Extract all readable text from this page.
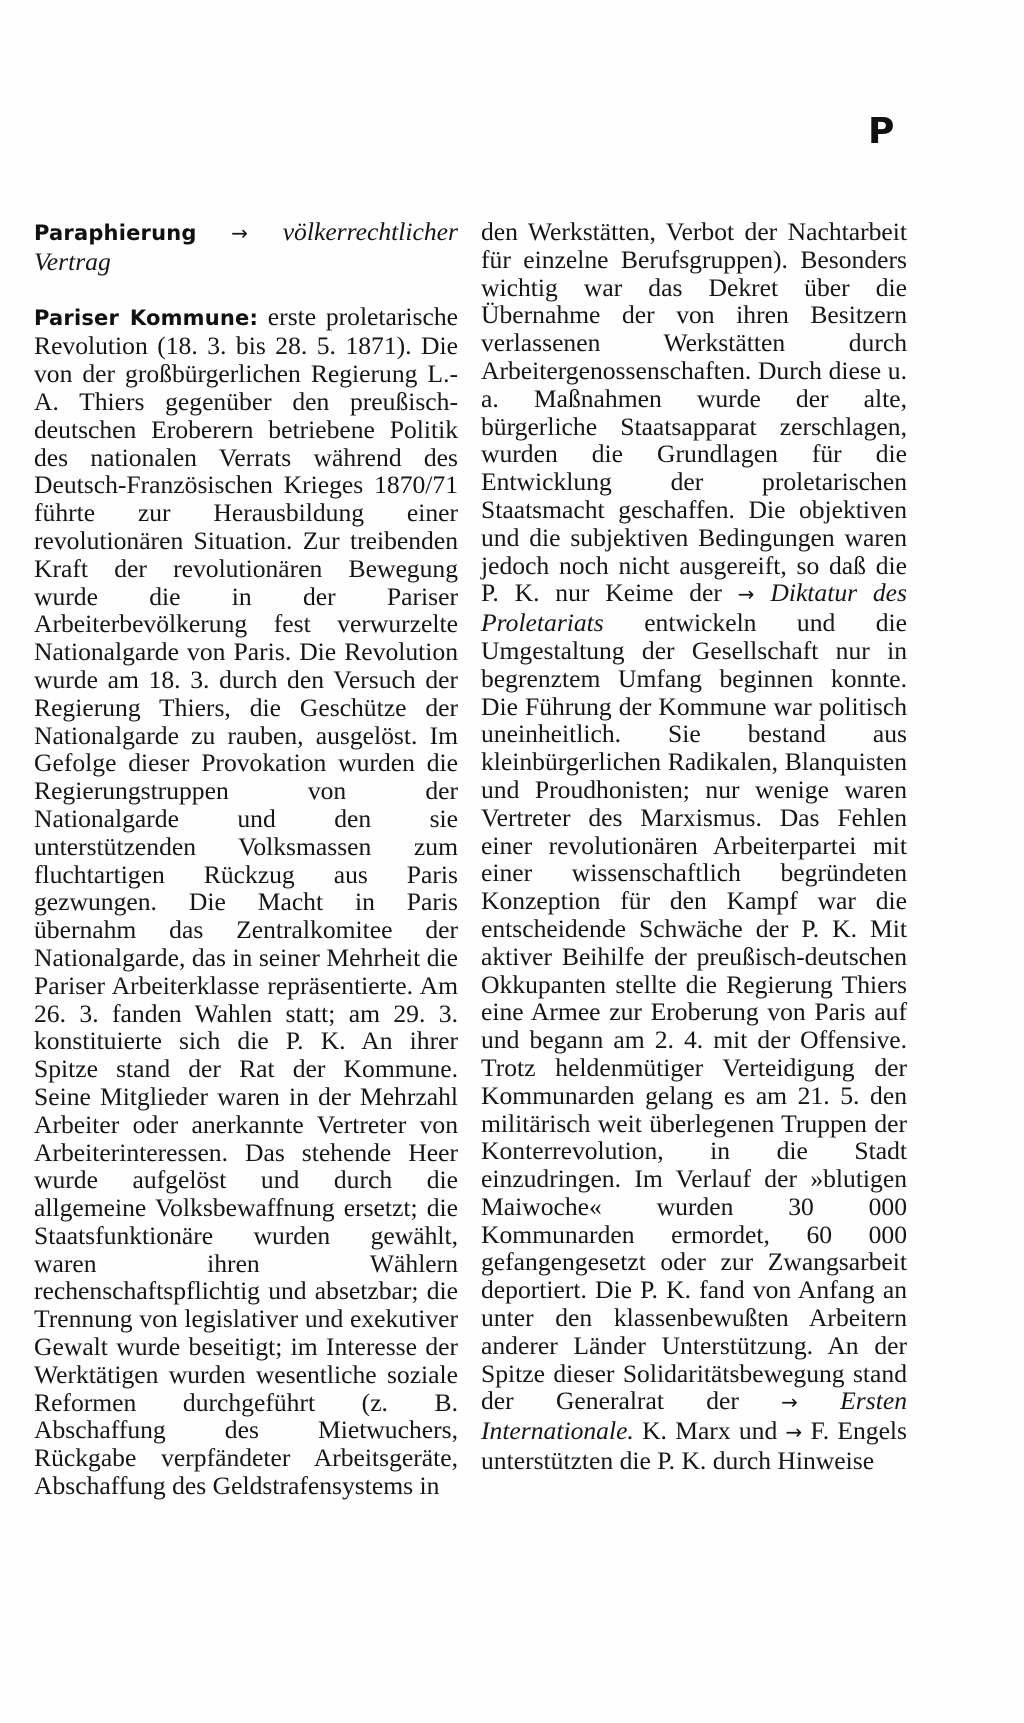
P

Paraphierung → völkerrechtlicher Vertrag

Pariser Kommune: erste proletarische Revolution (18. 3. bis 28. 5. 1871). Die von der großbürgerlichen Regierung L.-A. Thiers gegenüber den preußisch-deutschen Eroberern betriebene Politik des nationalen Verrats während des Deutsch-Französischen Krieges 1870/71 führte zur Herausbildung einer revolutionären Situation. Zur treibenden Kraft der revolutionären Bewegung wurde die in der Pariser Arbeiterbevölkerung fest verwurzelte Nationalgarde von Paris. Die Revolution wurde am 18. 3. durch den Versuch der Regierung Thiers, die Geschütze der Nationalgarde zu rauben, ausgelöst. Im Gefolge dieser Provokation wurden die Regierungstruppen von der Nationalgarde und den sie unterstützenden Volksmassen zum fluchtartigen Rückzug aus Paris gezwungen. Die Macht in Paris übernahm das Zentralkomitee der Nationalgarde, das in seiner Mehrheit die Pariser Arbeiterklasse repräsentierte. Am 26. 3. fanden Wahlen statt; am 29. 3. konstituierte sich die P. K. An ihrer Spitze stand der Rat der Kommune. Seine Mitglieder waren in der Mehrzahl Arbeiter oder anerkannte Vertreter von Arbeiterinteressen. Das stehende Heer wurde aufgelöst und durch die allgemeine Volksbewaffnung ersetzt; die Staatsfunktionäre wurden gewählt, waren ihren Wählern rechenschaftspflichtig und absetzbar; die Trennung von legislativer und exekutiver Gewalt wurde beseitigt; im Interesse der Werktätigen wurden wesentliche soziale Reformen durchgeführt (z. B. Abschaffung des Mietwuchers, Rückgabe verpfändeter Arbeitsgeräte, Abschaffung des Geldstrafensystems in

den Werkstätten, Verbot der Nachtarbeit für einzelne Berufsgruppen). Besonders wichtig war das Dekret über die Übernahme der von ihren Besitzern verlassenen Werkstätten durch Arbeitergenossenschaften. Durch diese u. a. Maßnahmen wurde der alte, bürgerliche Staatsapparat zerschlagen, wurden die Grundlagen für die Entwicklung der proletarischen Staatsmacht geschaffen. Die objektiven und die subjektiven Bedingungen waren jedoch noch nicht ausgereift, so daß die P. K. nur Keime der → Diktatur des Proletariats entwickeln und die Umgestaltung der Gesellschaft nur in begrenztem Umfang beginnen konnte. Die Führung der Kommune war politisch uneinheitlich. Sie bestand aus kleinbürgerlichen Radikalen, Blanquisten und Proudhonisten; nur wenige waren Vertreter des Marxismus. Das Fehlen einer revolutionären Arbeiterpartei mit einer wissenschaftlich begründeten Konzeption für den Kampf war die entscheidende Schwäche der P. K. Mit aktiver Beihilfe der preußisch-deutschen Okkupanten stellte die Regierung Thiers eine Armee zur Eroberung von Paris auf und begann am 2. 4. mit der Offensive. Trotz heldenmütiger Verteidigung der Kommunarden gelang es am 21. 5. den militärisch weit überlegenen Truppen der Konterrevolution, in die Stadt einzudringen. Im Verlauf der »blutigen Maiwoche« wurden 30 000 Kommunarden ermordet, 60 000 gefangengesetzt oder zur Zwangsarbeit deportiert. Die P. K. fand von Anfang an unter den klassenbewußten Arbeitern anderer Länder Unterstützung. An der Spitze dieser Solidaritätsbewegung stand der Generalrat der → Ersten Internationale. K. Marx und → F. Engels unterstützten die P. K. durch Hinweise
